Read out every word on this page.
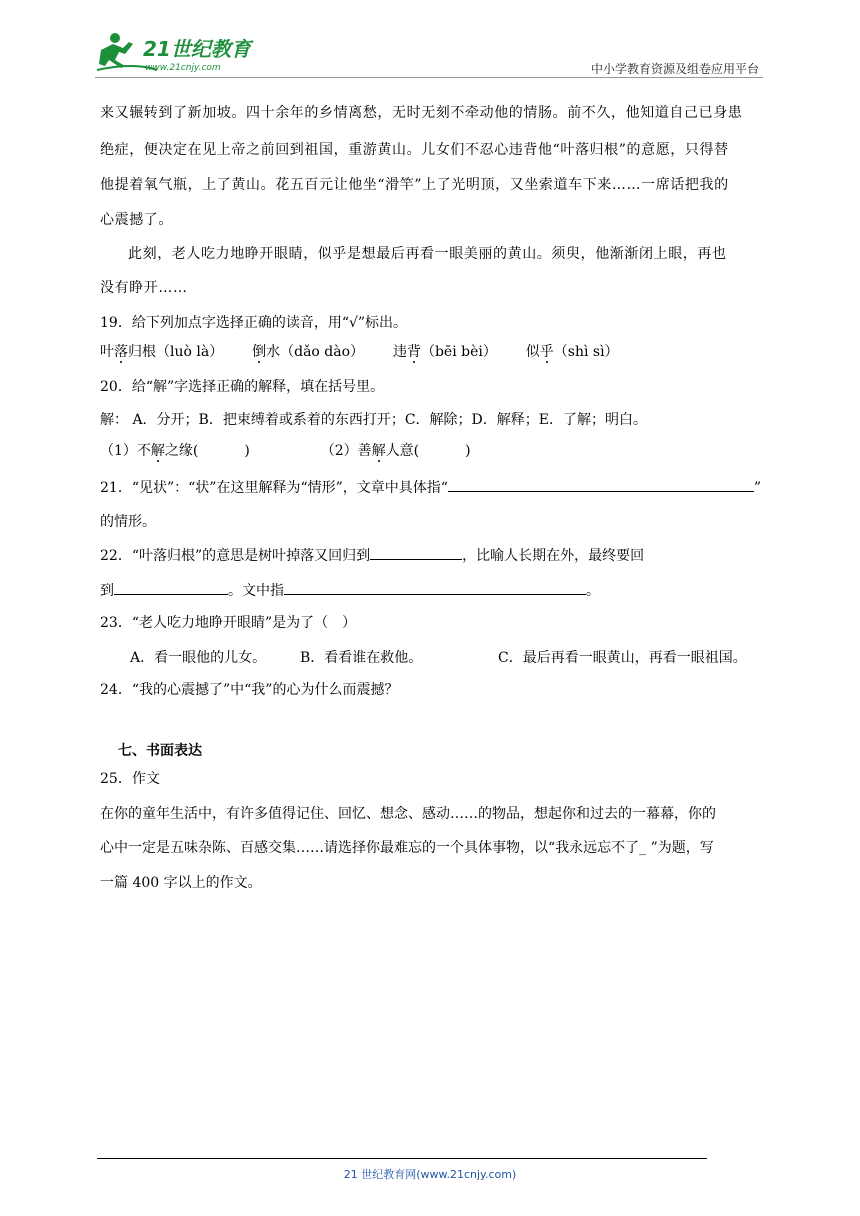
21世纪教育
www.21cnjy.com	中小学教育资源及组卷应用平台
来又辗转到了新加坡。四十余年的乡情离愁，无时无刻不牵动他的情肠。前不久，他知道自己已身患
绝症，便决定在见上帝之前回到祖国，重游黄山。儿女们不忍心违背他“叶落归根”的意愿，只得替
他提着氧气瓶，上了黄山。花五百元让他坐“滑竿”上了光明顶，又坐索道车下来……一席话把我的
心震撼了。
此刻，老人吃力地睁开眼睛，似乎是想最后再看一眼美丽的黄山。须臾，他渐渐闭上眼，再也
没有睁开……
19．给下列加点字选择正确的读音，用“√”标出。
叶落归根（luò là） 倒水（dǎo dào） 违背（bēi bèi） 似乎（shì sì）
20．给“解”字选择正确的解释，填在括号里。
解： A．分开；B．把束缚着或系着的东西打开；C．解除；D．解释；E．了解；明白。
（1）不解之缘(	)	（2）善解人意(	)
21．“见状”：“状”在这里解释为“情形”，文章中具体指“	”
的情形。
22．“叶落归根”的意思是树叶掉落又回归到	，比喻人长期在外，最终要回
到	。文中指	。
23．“老人吃力地睁开眼睛”是为了（　）
A．看一眼他的儿女。 B．看看谁在救他。	C．最后再看一眼黄山，再看一眼祖国。
24．“我的心震撼了”中“我”的心为什么而震撼？
七、书面表达
25．作文
在你的童年生活中，有许多值得记住、回忆、想念、感动……的物品，想起你和过去的一幕幕，你的
心中一定是五味杂陈、百感交集……请选择你最难忘的一个具体事物，以“我永远忘不了_ ”为题，写
一篇 400 字以上的作文。
21 世纪教育网(www.21cnjy.com)
